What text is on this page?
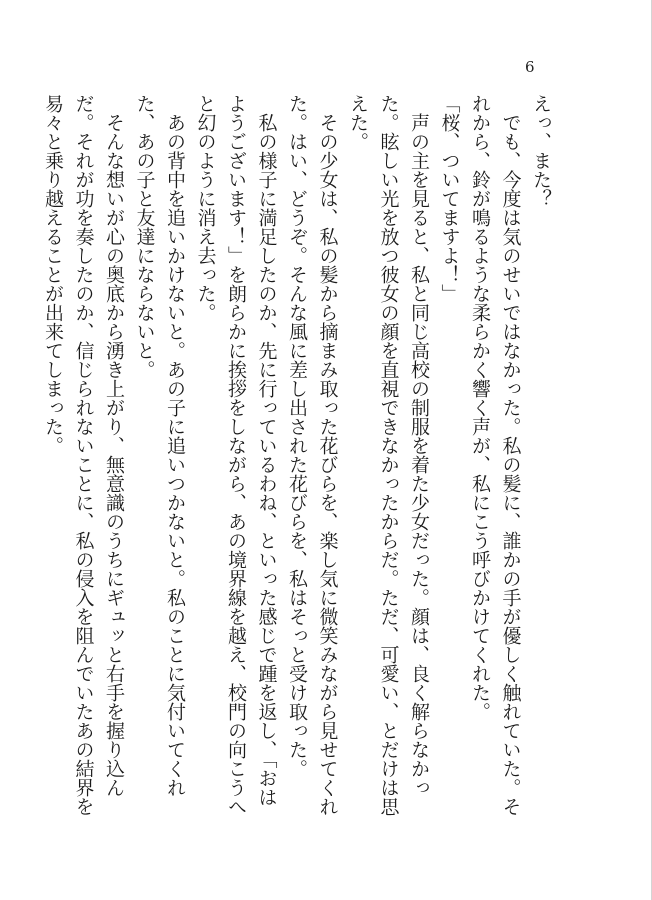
6

えっ、また？

でも、今度は気のせいではなかった。私の髪に、誰かの手が優しく触れていた。それから、鈴が鳴るような柔らかく響く声が、私にこう呼びかけてくれた。

「桜、ついてますよ！」

声の主を見ると、私と同じ高校の制服を着た少女だった。顔は、良く解らなかった。眩しい光を放つ彼女の顔を直視できなかったからだ。ただ、可愛い、とだけは思えた。

その少女は、私の髪から摘まみ取った花びらを、楽し気に微笑みながら見せてくれた。はい、どうぞ。そんな風に差し出された花びらを、私はそっと受け取った。

私の様子に満足したのか、先に行っているわね、といった感じで踵を返し、「おはようございます！」を朗らかに挨拶をしながら、あの境界線を越え、校門の向こうへと幻のように消え去った。

あの背中を追いかけないと。あの子に追いつかないと。私のことに気付いてくれた、あの子と友達にならないと。

そんな想いが心の奥底から湧き上がり、無意識のうちにギュッと右手を握り込んだ。それが功を奏したのか、信じられないことに、私の侵入を阻んでいたあの結界を易々と乗り越えることが出来てしまった。
